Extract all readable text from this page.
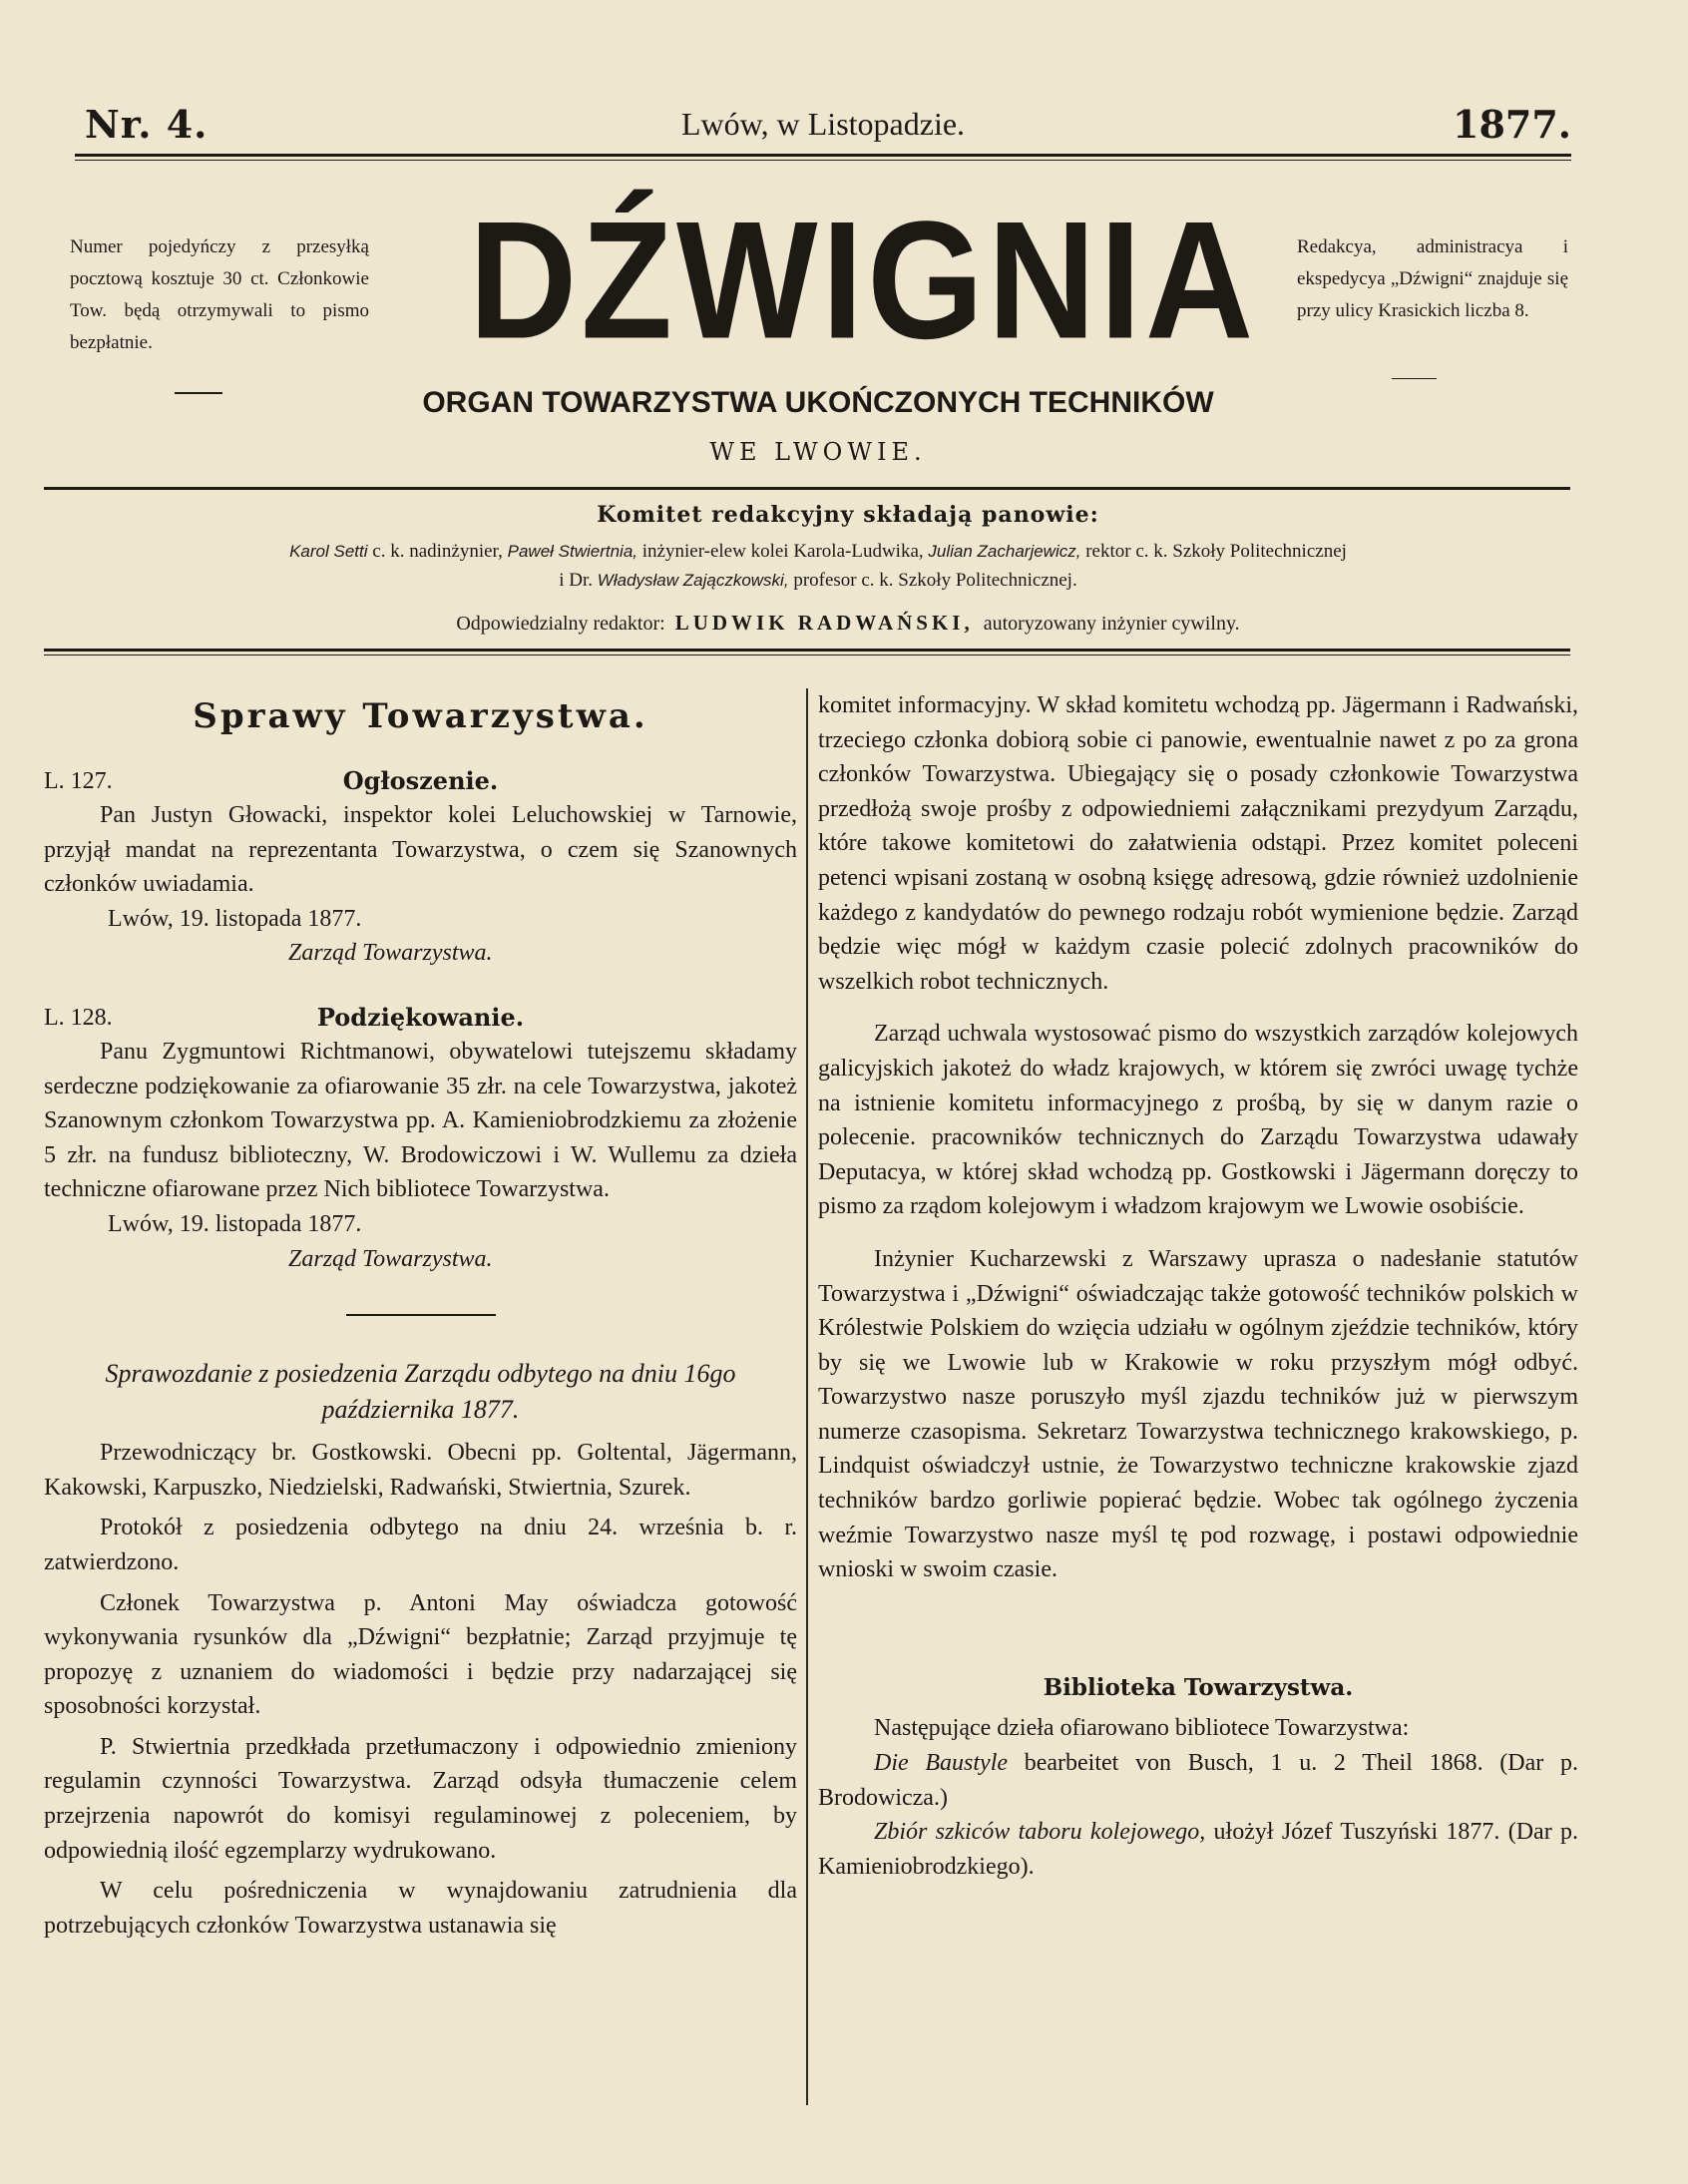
Nr. 4.	Lwów, w Listopadzie.	1877.
Numer pojedyńczy z przesyłką pocztową kosztuje 30 ct. Członkowie Tow. będą otrzymywali to pismo bezpłatnie.
Redakcya, administracya i ekspedycya „Dźwigni“ znajduje się przy ulicy Krasickich liczba 8.
DŹWIGNIA
ORGAN TOWARZYSTWA UKOŃCZONYCH TECHNIKÓW
WE LWOWIE.
Komitet redakcyjny składają panowie:
Karol Setti c. k. nadinżynier, Paweł Stwiertnia, inżynier-elew kolei Karola-Ludwika, Julian Zacharjewicz, rektor c. k. Szkoły Politechnicznej
i Dr. Władysław Zajączkowski, profesor c. k. Szkoły Politechnicznej.
Odpowiedzialny redaktor: LUDWIK RADWAŃSKI, autoryzowany inżynier cywilny.
Sprawy Towarzystwa.
L. 127.	Ogłoszenie.

Pan Justyn Głowacki, inspektor kolei Leluchowskiej w Tarnowie, przyjął mandat na reprezentanta Towarzystwa, o czem się Szanownych członków uwiadamia.

Lwów, 19. listopada 1877.

Zarząd Towarzystwa.

L. 128.	Podziękowanie.

Panu Zygmuntowi Richtmanowi, obywatelowi tutejszemu składamy serdeczne podziękowanie za ofiarowanie 35 złr. na cele Towarzystwa, jakoteż Szanownym członkom Towarzystwa pp. A. Kamieniobrodzkiemu za złożenie 5 złr. na fundusz biblioteczny, W. Brodowiczowi i W. Wullemu za dzieła techniczne ofiarowane przez Nich bibliotece Towarzystwa.

Lwów, 19. listopada 1877.

Zarząd Towarzystwa.

Sprawozdanie z posiedzenia Zarządu odbytego na dniu 16go października 1877.

Przewodniczący br. Gostkowski. Obecni pp. Goltental, Jägermann, Kakowski, Karpuszko, Niedzielski, Radwański, Stwiertnia, Szurek.

Protokół z posiedzenia odbytego na dniu 24. września b. r. zatwierdzono.

Członek Towarzystwa p. Antoni May oświadcza gotowość wykonywania rysunków dla „Dźwigni“ bezpłatnie; Zarząd przyjmuje tę propozyę z uznaniem do wiadomości i będzie przy nadarzającej się sposobności korzystał.

P. Stwiertnia przedkłada przetłumaczony i odpowiednio zmieniony regulamin czynności Towarzystwa. Zarząd odsyła tłumaczenie celem przejrzenia napowrót do komisyi regulaminowej z poleceniem, by odpowiednią ilość egzemplarzy wydrukowano.

W celu pośredniczenia w wynajdowaniu zatrudnienia dla potrzebujących członków Towarzystwa ustanawia się

komitet informacyjny. W skład komitetu wchodzą pp. Jägermann i Radwański, trzeciego członka dobiorą sobie ci panowie, ewentualnie nawet z po za grona członków Towarzystwa. Ubiegający się o posady członkowie Towarzystwa przedłożą swoje prośby z odpowiedniemi załącznikami prezydyum Zarządu, które takowe komitetowi do załatwienia odstąpi. Przez komitet poleceni petenci wpisani zostaną w osobną księgę adresową, gdzie również uzdolnienie każdego z kandydatów do pewnego rodzaju robót wymienione będzie. Zarząd będzie więc mógł w każdym czasie polecić zdolnych pracowników do wszelkich robot technicznych.

Zarząd uchwala wystosować pismo do wszystkich zarządów kolejowych galicyjskich jakoteż do władz krajowych, w którem się zwróci uwagę tychże na istnienie komitetu informacyjnego z prośbą, by się w danym razie o polecenie. pracowników technicznych do Zarządu Towarzystwa udawały Deputacya, w której skład wchodzą pp. Gostkowski i Jägermann doręczy to pismo za rządom kolejowym i władzom krajowym we Lwowie osobiście.

Inżynier Kucharzewski z Warszawy uprasza o nadesłanie statutów Towarzystwa i „Dźwigni“ oświadczając także gotowość techników polskich w Królestwie Polskiem do wzięcia udziału w ogólnym zjeździe techników, który by się we Lwowie lub w Krakowie w roku przyszłym mógł odbyć. Towarzystwo nasze poruszyło myśl zjazdu techników już w pierwszym numerze czasopisma. Sekretarz Towarzystwa technicznego krakowskiego, p. Lindquist oświadczył ustnie, że Towarzystwo techniczne krakowskie zjazd techników bardzo gorliwie popierać będzie. Wobec tak ogólnego życzenia weźmie Towarzystwo nasze myśl tę pod rozwagę, i postawi odpowiednie wnioski w swoim czasie.

Biblioteka Towarzystwa.

Następujące dzieła ofiarowano bibliotece Towarzystwa:

Die Baustyle bearbeitet von Busch, 1 u. 2 Theil 1868. (Dar p. Brodowicza.)

Zbiór szkiców taboru kolejowego, ułożył Józef Tuszyński 1877. (Dar p. Kamieniobrodzkiego).
